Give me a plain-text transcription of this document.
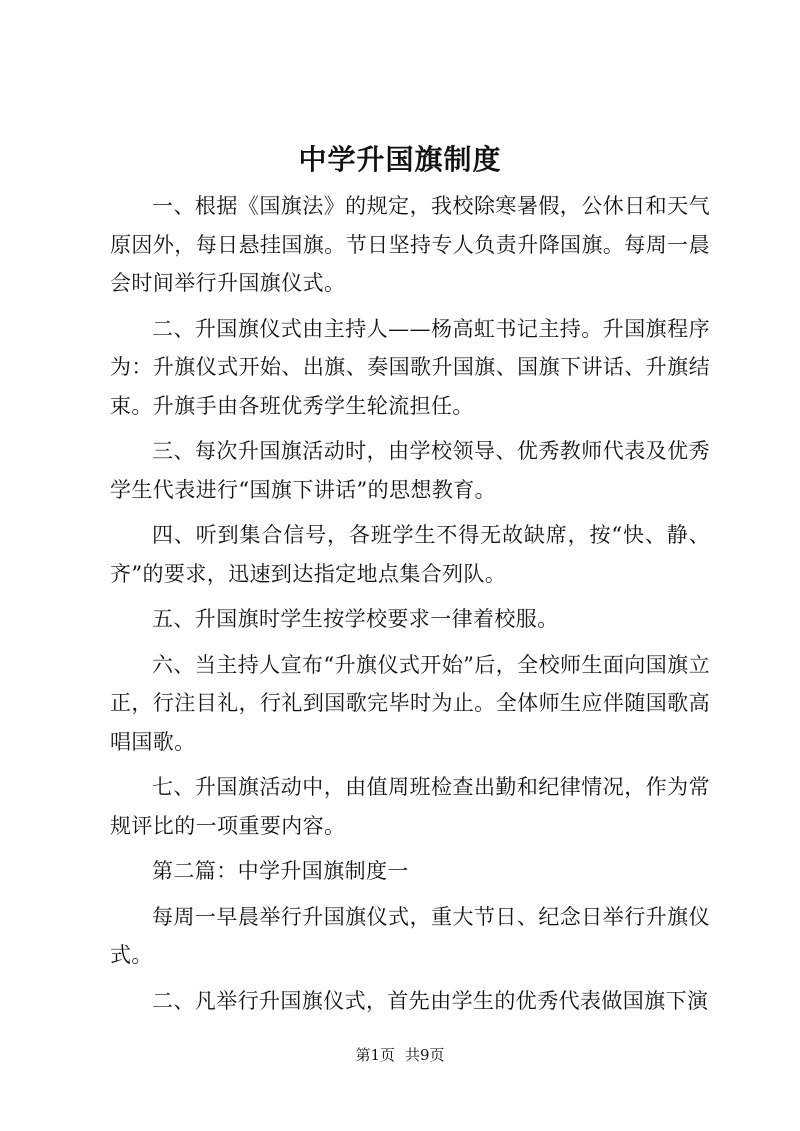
中学升国旗制度

一、根据《国旗法》的规定，我校除寒暑假，公休日和天气原因外，每日悬挂国旗。节日坚持专人负责升降国旗。每周一晨会时间举行升国旗仪式。

二、升国旗仪式由主持人——杨高虹书记主持。升国旗程序为：升旗仪式开始、出旗、奏国歌升国旗、国旗下讲话、升旗结束。升旗手由各班优秀学生轮流担任。

三、每次升国旗活动时，由学校领导、优秀教师代表及优秀学生代表进行“国旗下讲话”的思想教育。

四、听到集合信号，各班学生不得无故缺席，按“快、静、齐”的要求，迅速到达指定地点集合列队。

五、升国旗时学生按学校要求一律着校服。

六、当主持人宣布“升旗仪式开始”后，全校师生面向国旗立正，行注目礼，行礼到国歌完毕时为止。全体师生应伴随国歌高唱国歌。

七、升国旗活动中，由值周班检查出勤和纪律情况，作为常规评比的一项重要内容。

第二篇：中学升国旗制度一

每周一早晨举行升国旗仪式，重大节日、纪念日举行升旗仪式。

二、凡举行升国旗仪式，首先由学生的优秀代表做国旗下演

第1页 共9页
